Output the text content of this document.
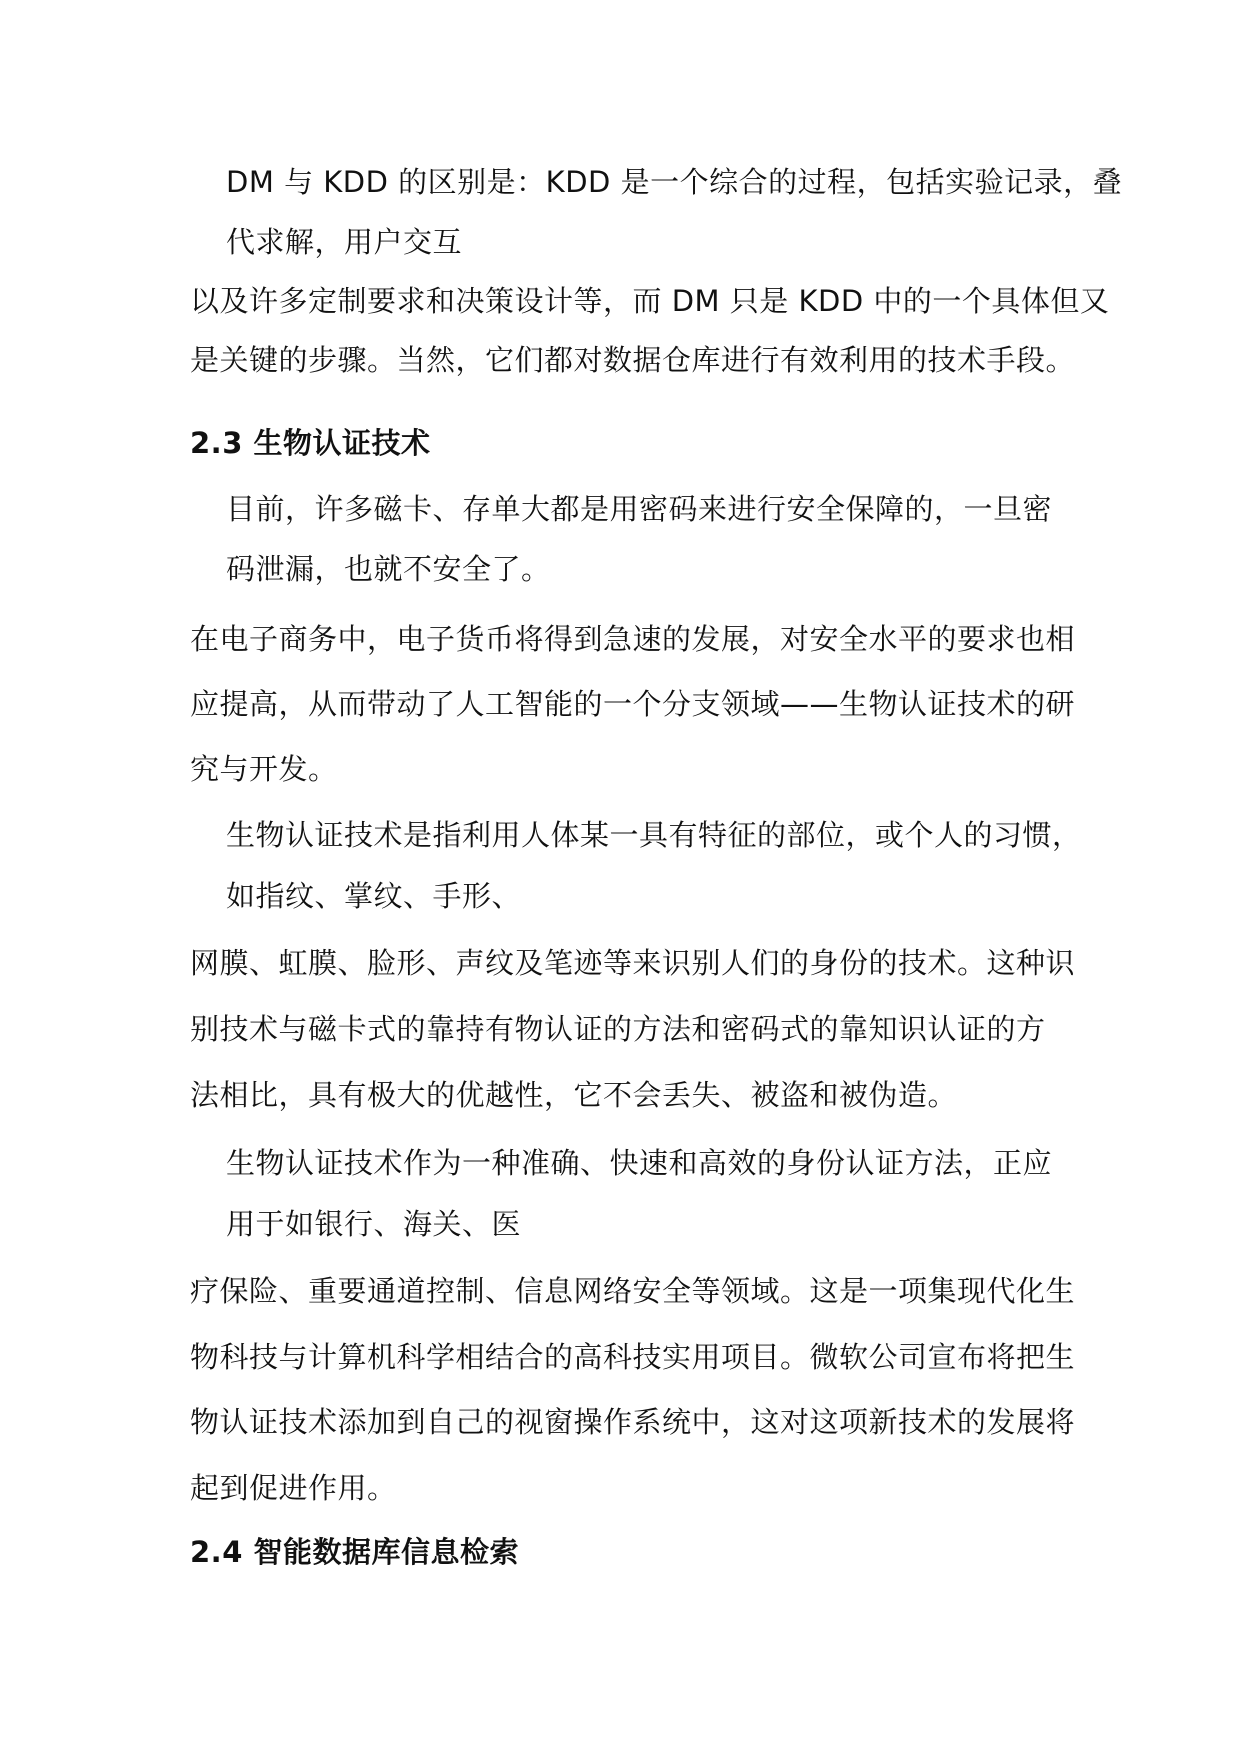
DM 与 KDD 的区别是：KDD 是一个综合的过程，包括实验记录，叠
代求解，用户交互
以及许多定制要求和决策设计等，而 DM 只是 KDD 中的一个具体但又
是关键的步骤。当然，它们都对数据仓库进行有效利用的技术手段。
2.3 生物认证技术
目前，许多磁卡、存单大都是用密码来进行安全保障的，一旦密
码泄漏，也就不安全了。
在电子商务中，电子货币将得到急速的发展，对安全水平的要求也相
应提高，从而带动了人工智能的一个分支领域——生物认证技术的研
究与开发。
生物认证技术是指利用人体某一具有特征的部位，或个人的习惯，
如指纹、掌纹、手形、
网膜、虹膜、脸形、声纹及笔迹等来识别人们的身份的技术。这种识
别技术与磁卡式的靠持有物认证的方法和密码式的靠知识认证的方
法相比，具有极大的优越性，它不会丢失、被盗和被伪造。
生物认证技术作为一种准确、快速和高效的身份认证方法，正应
用于如银行、海关、医
疗保险、重要通道控制、信息网络安全等领域。这是一项集现代化生
物科技与计算机科学相结合的高科技实用项目。微软公司宣布将把生
物认证技术添加到自己的视窗操作系统中，这对这项新技术的发展将
起到促进作用。
2.4 智能数据库信息检索
